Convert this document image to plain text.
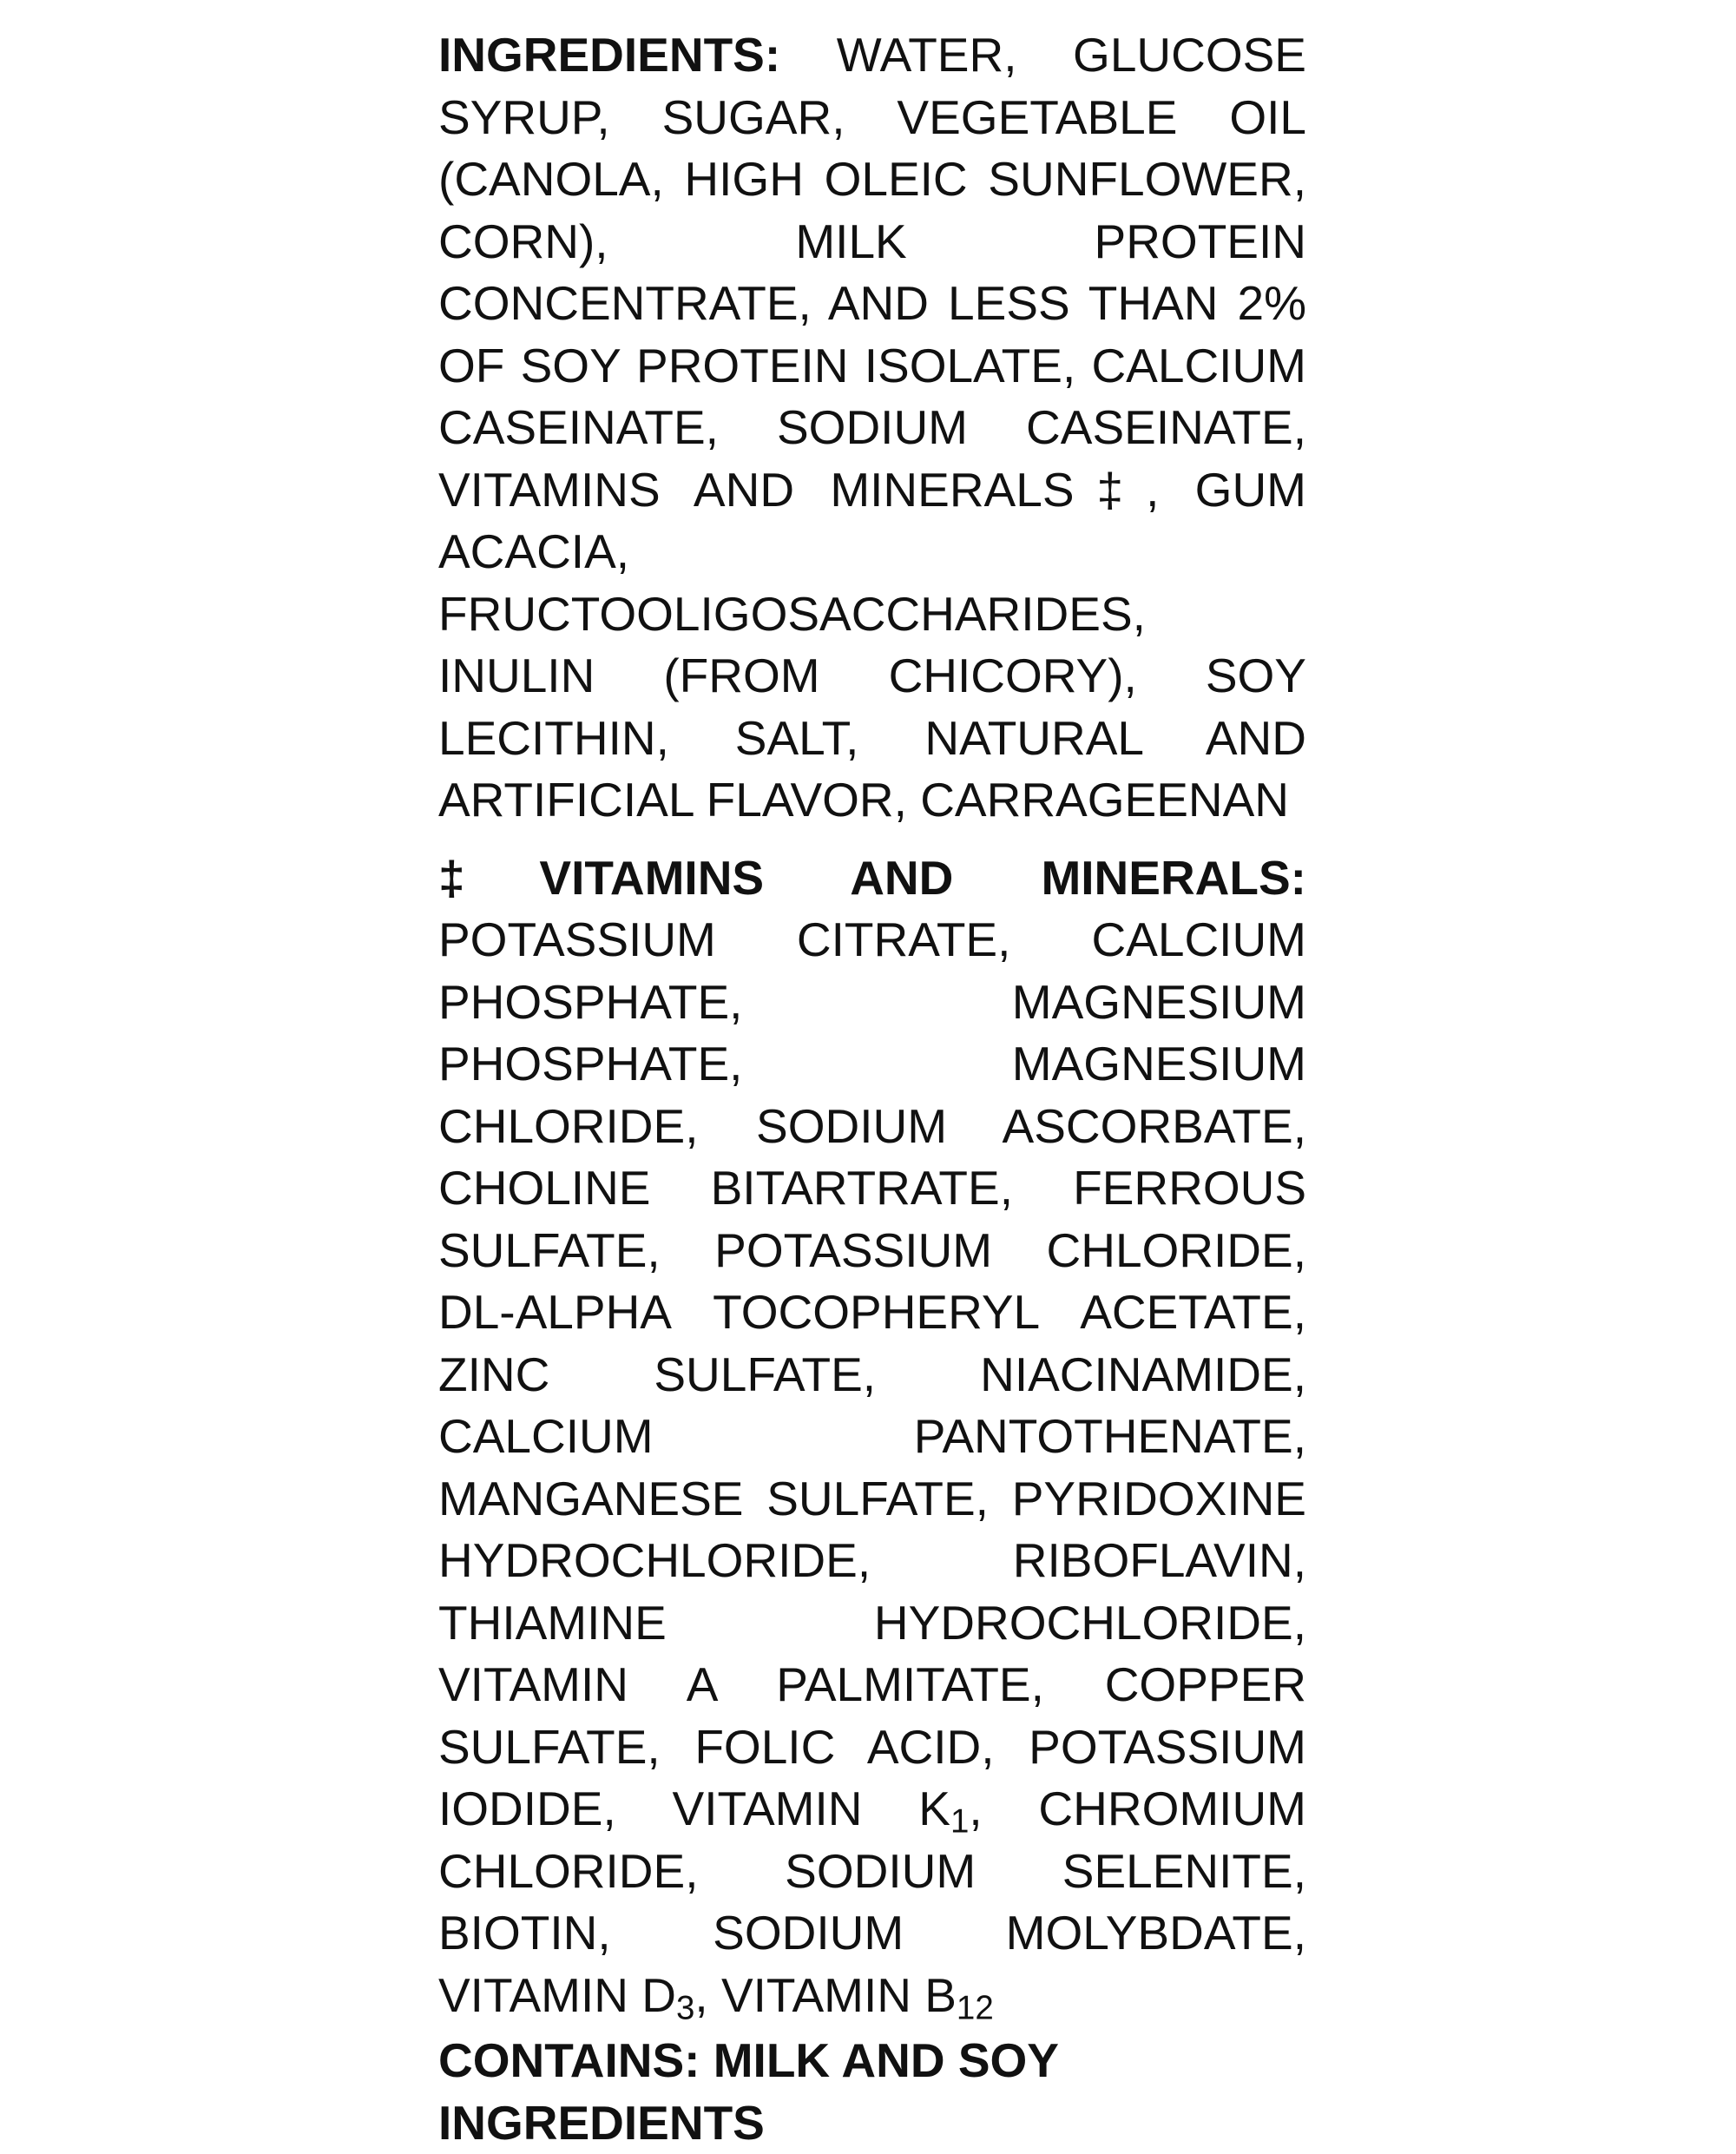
INGREDIENTS: WATER, GLUCOSE SYRUP, SUGAR, VEGETABLE OIL (CANOLA, HIGH OLEIC SUNFLOWER, CORN), MILK PROTEIN CONCENTRATE, AND LESS THAN 2% OF SOY PROTEIN ISOLATE, CALCIUM CASEINATE, SODIUM CASEINATE, VITAMINS AND MINERALS‡, GUM ACACIA, FRUCTOOLIGOSACCHARIDES, INULIN (FROM CHICORY), SOY LECITHIN, SALT, NATURAL AND ARTIFICIAL FLAVOR, CARRAGEENAN

‡VITAMINS AND MINERALS: POTASSIUM CITRATE, CALCIUM PHOSPHATE, MAGNESIUM PHOSPHATE, MAGNESIUM CHLORIDE, SODIUM ASCORBATE, CHOLINE BITARTRATE, FERROUS SULFATE, POTASSIUM CHLORIDE, DL-ALPHA TOCOPHERYL ACETATE, ZINC SULFATE, NIACINAMIDE, CALCIUM PANTOTHENATE, MANGANESE SULFATE, PYRIDOXINE HYDROCHLORIDE, RIBOFLAVIN, THIAMINE HYDROCHLORIDE, VITAMIN A PALMITATE, COPPER SULFATE, FOLIC ACID, POTASSIUM IODIDE, VITAMIN $K_1$, CHROMIUM CHLORIDE, SODIUM SELENITE, BIOTIN, SODIUM MOLYBDATE, VITAMIN $D_3$, VITAMIN $B_{12}$

CONTAINS: MILK AND SOY INGREDIENTS
